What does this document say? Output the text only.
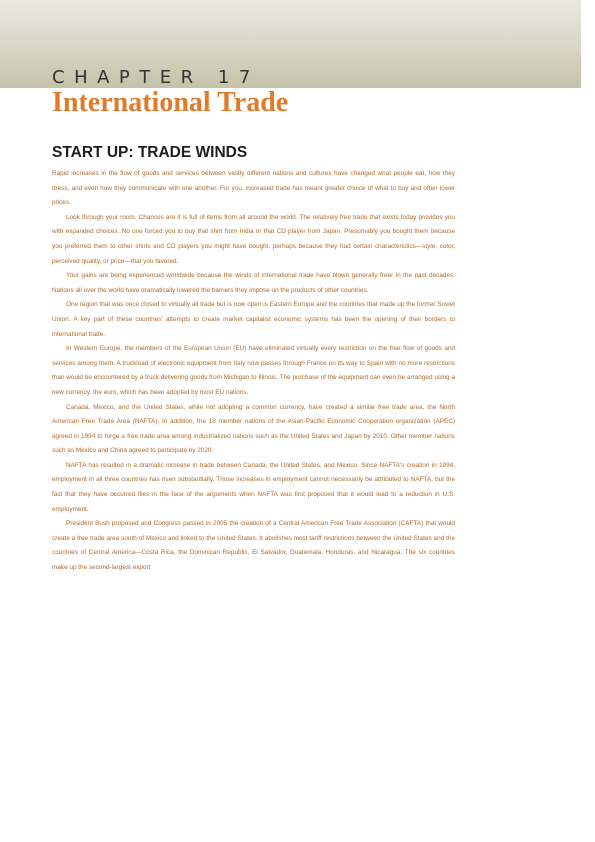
CHAPTER 17
International Trade
START UP: TRADE WINDS

Rapid increases in the flow of goods and services between vastly different nations and cultures have changed what people eat, how they dress, and even how they communicate with one another. For you, increased trade has meant greater choice of what to buy and often lower prices.

Look through your room. Chances are it is full of items from all around the world. The relatively free trade that exists today provides you with expanded choices. No one forced you to buy that shirt from India or that CD player from Japan. Presumably you bought them because you preferred them to other shirts and CD players you might have bought, perhaps because they had certain characteristics—style, color, perceived quality, or price—that you favored.

Your gains are being experienced worldwide because the winds of international trade have blown generally freer in the past decades. Nations all over the world have dramatically lowered the barriers they impose on the products of other countries.

One region that was once closed to virtually all trade but is now open is Eastern Europe and the countries that made up the former Soviet Union. A key part of these countries' attempts to create market capitalist economic systems has been the opening of their borders to international trade.

In Western Europe, the members of the European Union (EU) have eliminated virtually every restriction on the free flow of goods and services among them. A truckload of electronic equipment from Italy now passes through France on its way to Spain with no more restrictions than would be encountered by a truck delivering goods from Michigan to Illinois. The purchase of the equipment can even be arranged using a new currency, the euro, which has been adopted by most EU nations.

Canada, Mexico, and the United States, while not adopting a common currency, have created a similar free trade area, the North American Free Trade Area (NAFTA). In addition, the 18 member nations of the Asian-Pacific Economic Cooperation organization (APEC) agreed in 1994 to forge a free trade area among industrialized nations such as the United States and Japan by 2010. Other member nations such as Mexico and China agreed to participate by 2020.

NAFTA has resulted in a dramatic increase in trade between Canada, the United States, and Mexico. Since NAFTA's creation in 1994, employment in all three countries has risen substantially. Those increases in employment cannot necessarily be attributed to NAFTA, but the fact that they have occurred flies in the face of the arguments when NAFTA was first proposed that it would lead to a reduction in U.S. employment.

President Bush proposed and Congress passed in 2005 the creation of a Central American Free Trade Association (CAFTA) that would create a free trade area south of Mexico and linked to the United States. It abolishes most tariff restrictions between the United States and the countries of Central America—Costa Rica, the Dominican Republic, El Salvador, Guatemala, Honduras, and Nicaragua. The six countries make up the second-largest export
